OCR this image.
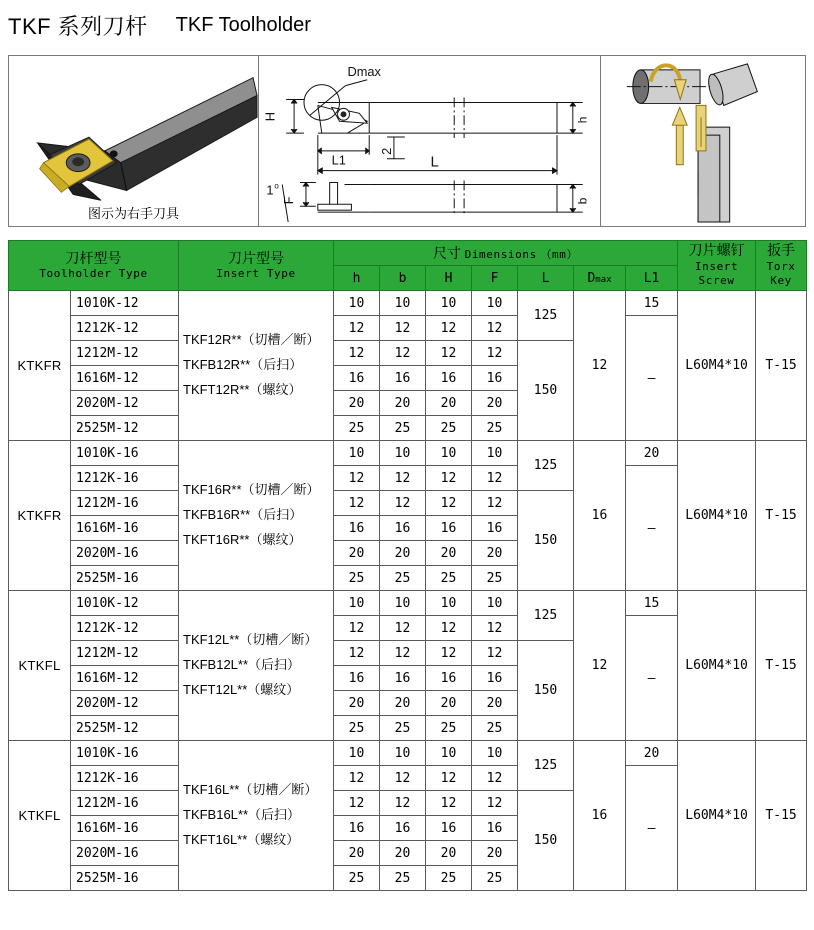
TKF 系列刀杆 TKF Toolholder
图示为右手刀具
Dmax
H
L1
2
L
h
F	b
1 o
刀杆型号
Toolholder Type

刀片型号
Insert Type
	尺寸 Dimensions （mm）	刀片螺钉
Insert Screw

扳手
Torx Key

			h	b	H	F	L	Dmax	L1		
KTKFR	1010K-12	TKF12R**（切槽／断）
TKFB12R**（后扫）
TKFT12R**（螺纹）	10	10	10	10	125	12	15	L60M4*10	T-15
	1212K-12		12	12	12	12			–		
	1212M-12		12	12	12	12	150				
	1616M-12		16	16	16	16					
	2020M-12		20	20	20	20					
	2525M-12		25	25	25	25					
KTKFR	1010K-16	TKF16R**（切槽／断）
TKFB16R**（后扫）
TKFT16R**（螺纹）	10	10	10	10	125	16	20	L60M4*10	T-15
	1212K-16		12	12	12	12			–		
	1212M-16		12	12	12	12	150				
	1616M-16		16	16	16	16					
	2020M-16		20	20	20	20					
	2525M-16		25	25	25	25					
KTKFL	1010K-12	TKF12L**（切槽／断）
TKFB12L**（后扫）
TKFT12L**（螺纹）	10	10	10	10	125	12	15	L60M4*10	T-15
	1212K-12		12	12	12	12			–		
	1212M-12		12	12	12	12	150				
	1616M-12		16	16	16	16					
	2020M-12		20	20	20	20					
	2525M-12		25	25	25	25					
KTKFL	1010K-16	TKF16L**（切槽／断）
TKFB16L**（后扫）
TKFT16L**（螺纹）	10	10	10	10	125	16	20	L60M4*10	T-15
	1212K-16		12	12	12	12			–		
	1212M-16		12	12	12	12	150				
	1616M-16		16	16	16	16					
	2020M-16		20	20	20	20					
	2525M-16		25	25	25	25					
